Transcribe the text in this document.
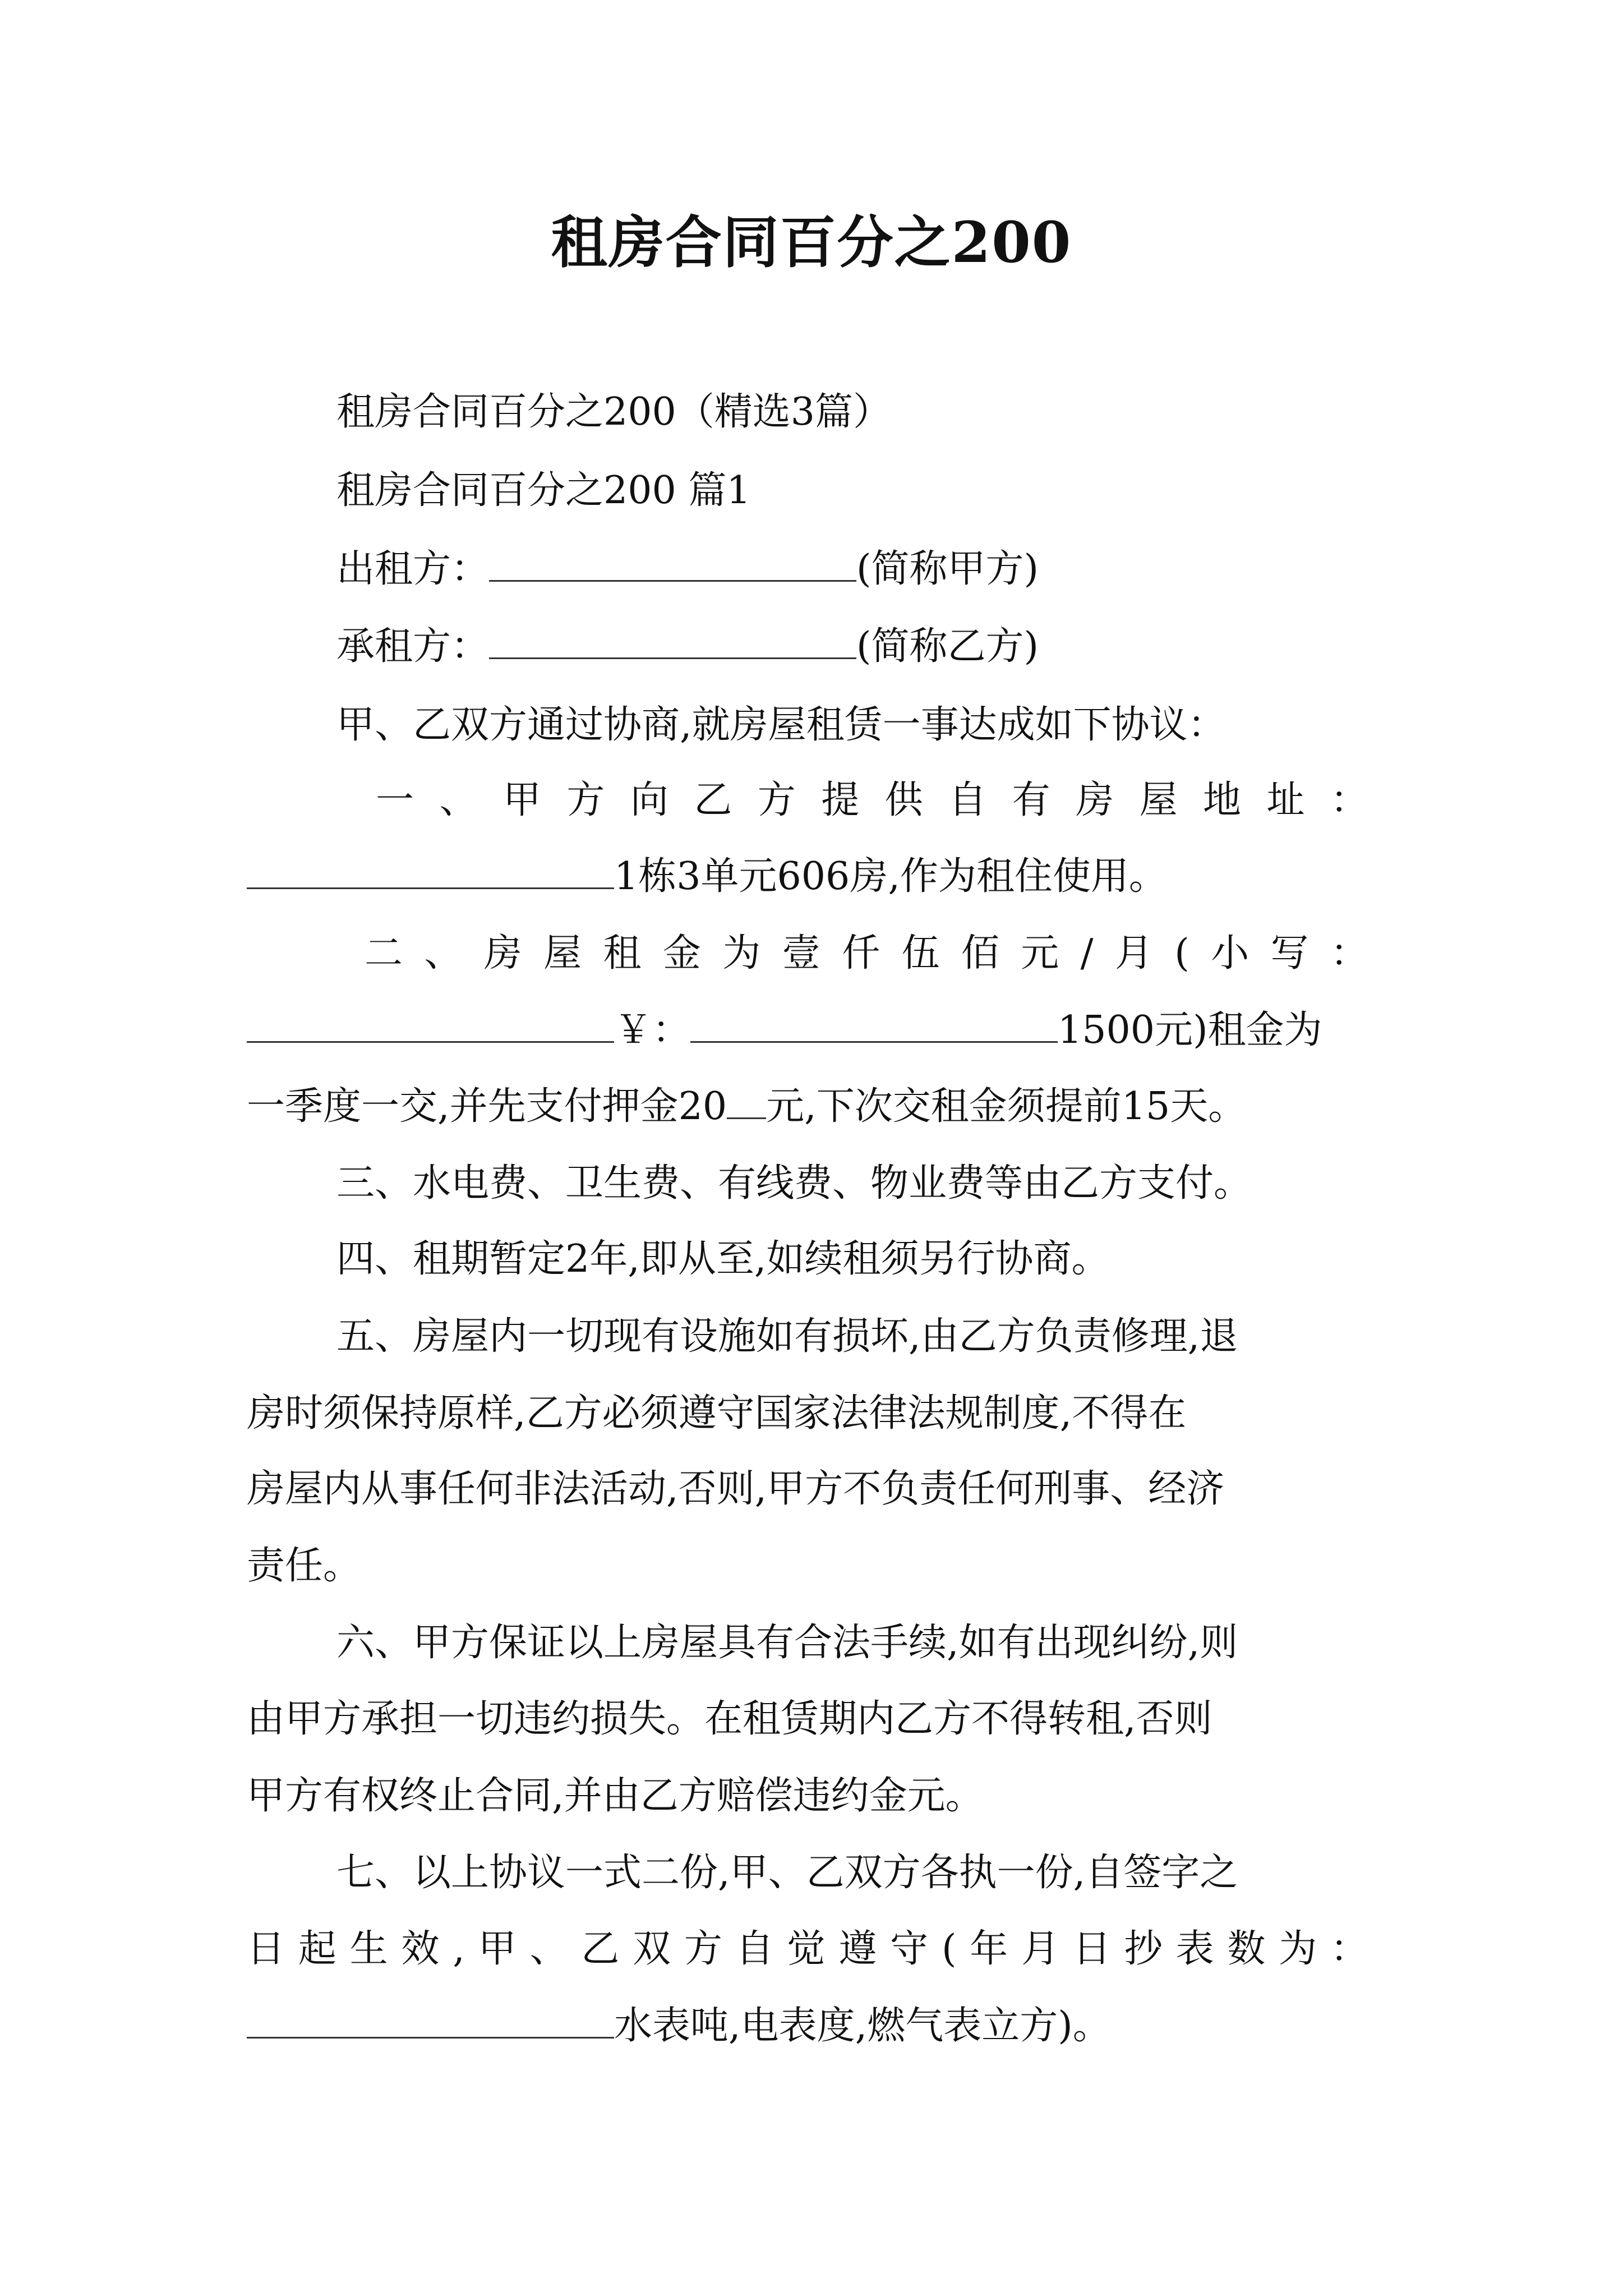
租房合同百分之200
租房合同百分之200（精选3篇）
租房合同百分之200 篇1
出租方：	(简称甲方)
承租方：	(简称乙方)
甲、乙双方通过协商,就房屋租赁一事达成如下协议：
一、甲方向乙方提供自有房屋地址：
1栋3单元606房,作为租住使用。
二、房屋租金为壹仟伍佰元/月(小写：
￥：	1500元)租金为
一季度一交,并先支付押金20 元,下次交租金须提前15天。
三、水电费、卫生费、有线费、物业费等由乙方支付。
四、租期暂定2年,即从至,如续租须另行协商。
五、房屋内一切现有设施如有损坏,由乙方负责修理,退
房时须保持原样,乙方必须遵守国家法律法规制度,不得在
房屋内从事任何非法活动,否则,甲方不负责任何刑事、经济
责任。
六、甲方保证以上房屋具有合法手续,如有出现纠纷,则
由甲方承担一切违约损失。在租赁期内乙方不得转租,否则
甲方有权终止合同,并由乙方赔偿违约金元。
七、以上协议一式二份,甲、乙双方各执一份,自签字之
日起生效,甲、乙双方自觉遵守(年月日抄表数为：
水表吨,电表度,燃气表立方)。
